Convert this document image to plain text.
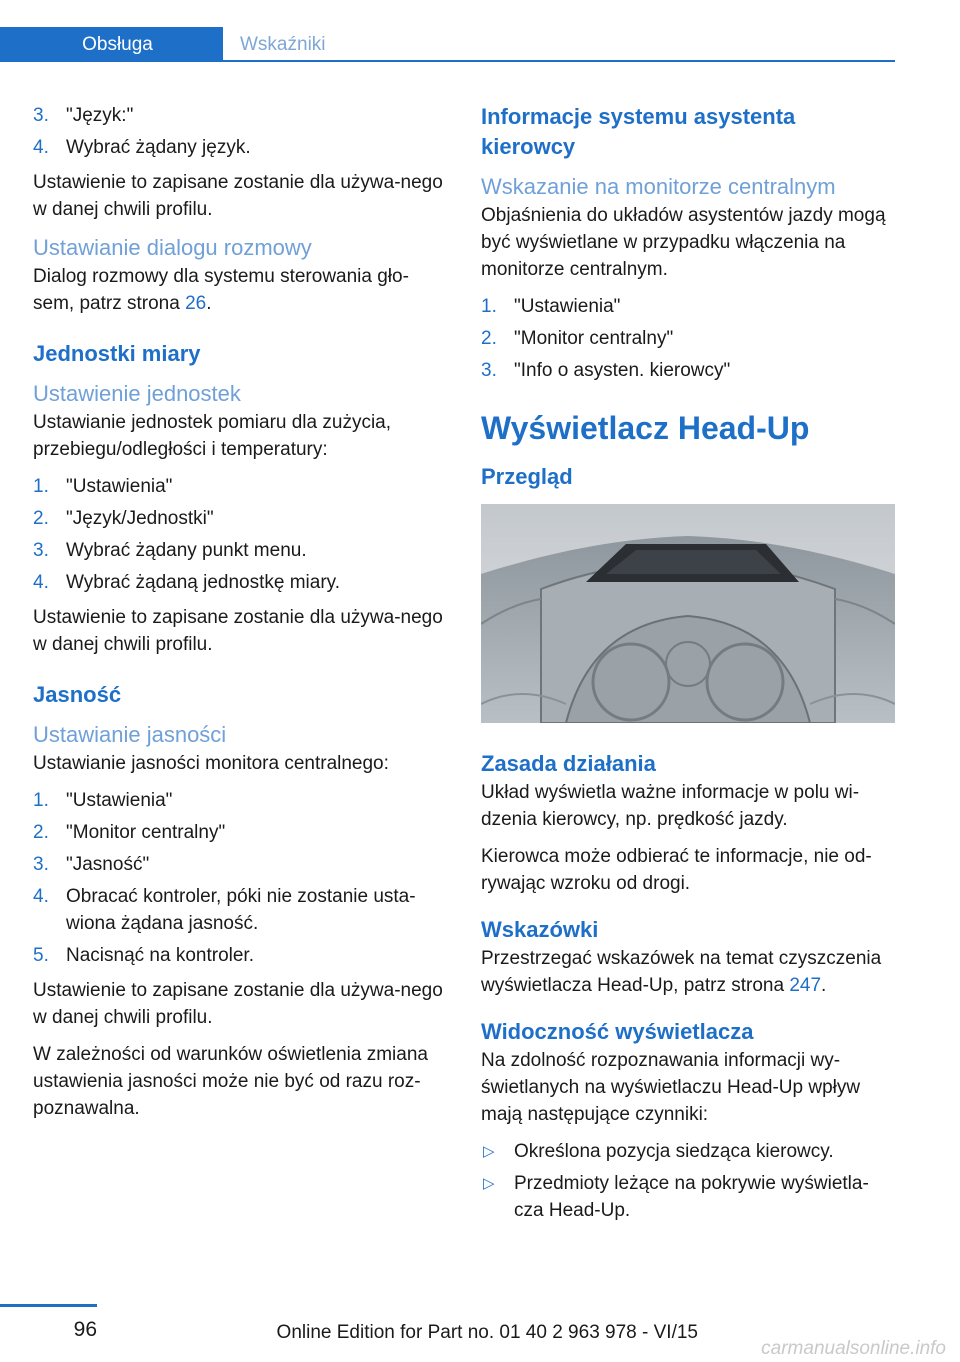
Obsługa	Wskaźniki
3. "Język:"
4. Wybrać żądany język.

Ustawienie to zapisane zostanie dla używa‐nego w danej chwili profilu.

Ustawianie dialogu rozmowy

Dialog rozmowy dla systemu sterowania gło‐sem, patrz strona 26.

Jednostki miary
Ustawienie jednostek

Ustawianie jednostek pomiaru dla zużycia, przebiegu/odległości i temperatury:

1. "Ustawienia"
2. "Język/Jednostki"
3. Wybrać żądany punkt menu.
4. Wybrać żądaną jednostkę miary.

Ustawienie to zapisane zostanie dla używa‐nego w danej chwili profilu.

Jasność
Ustawianie jasności

Ustawianie jasności monitora centralnego:

1. "Ustawienia"
2. "Monitor centralny"
3. "Jasność"
4. Obracać kontroler, póki nie zostanie usta‐wiona żądana jasność.
5. Nacisnąć na kontroler.

Ustawienie to zapisane zostanie dla używa‐nego w danej chwili profilu.

W zależności od warunków oświetlenia zmiana ustawienia jasności może nie być od razu roz‐poznawalna.

Informacje systemu asystenta kierowcy
Wskazanie na monitorze centralnym

Objaśnienia do układów asystentów jazdy mogą być wyświetlane w przypadku włączenia na monitorze centralnym.

1. "Ustawienia"
2. "Monitor centralny"
3. "Info o asysten. kierowcy"
Wyświetlacz Head-Up
Przegląd
Zasada działania

Układ wyświetla ważne informacje w polu wi‐dzenia kierowcy, np. prędkość jazdy.

Kierowca może odbierać te informacje, nie od‐rywając wzroku od drogi.

Wskazówki

Przestrzegać wskazówek na temat czyszczenia wyświetlacza Head-Up, patrz strona 247.

Widoczność wyświetlacza

Na zdolność rozpoznawania informacji wy‐świetlanych na wyświetlaczu Head-Up wpływ mają następujące czynniki:

▷ Określona pozycja siedząca kierowcy.
▷ Przedmioty leżące na pokrywie wyświetla‐cza Head-Up.
96	Online Edition for Part no. 01 40 2 963 978 - VI/15
carmanualsonline.info
